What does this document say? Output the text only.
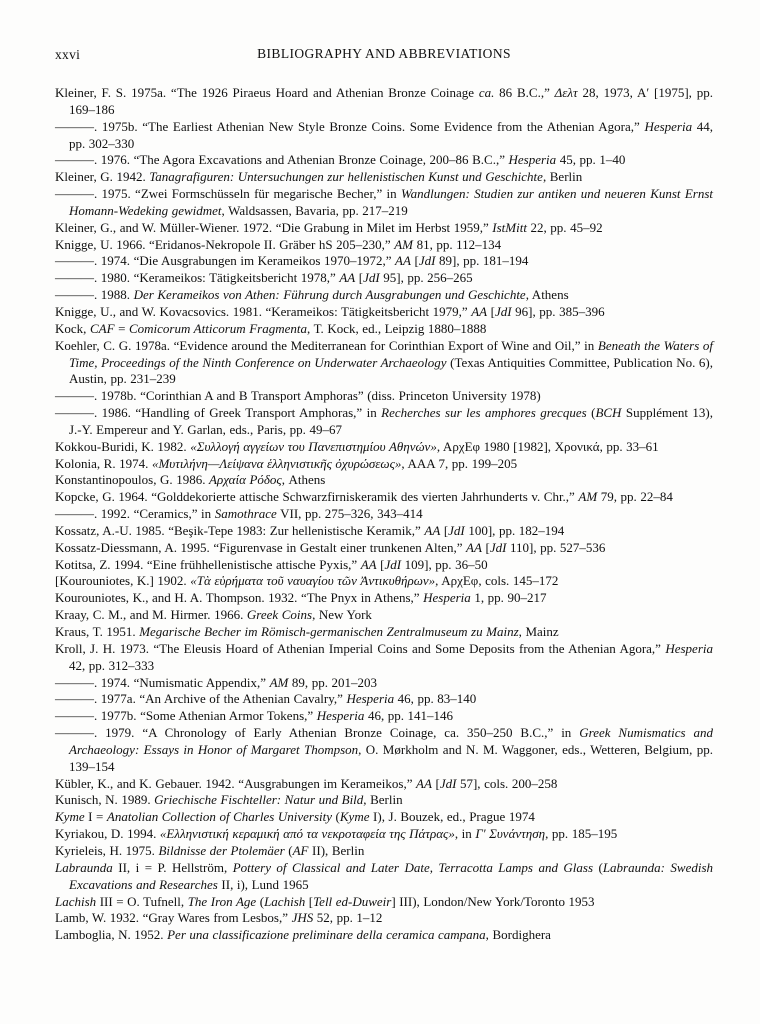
BIBLIOGRAPHY AND ABBREVIATIONS
xxvi

Kleiner, F. S. 1975a. “The 1926 Piraeus Hoard and Athenian Bronze Coinage ca. 86 B.C.,” Δελτ 28, 1973, Α′ [1975], pp. 169–186

———. 1975b. “The Earliest Athenian New Style Bronze Coins. Some Evidence from the Athenian Agora,” Hesperia 44, pp. 302–330

———. 1976. “The Agora Excavations and Athenian Bronze Coinage, 200–86 B.C.,” Hesperia 45, pp. 1–40

Kleiner, G. 1942. Tanagrafiguren: Untersuchungen zur hellenistischen Kunst und Geschichte, Berlin

———. 1975. “Zwei Formschüsseln für megarische Becher,” in Wandlungen: Studien zur antiken und neueren Kunst Ernst Homann-Wedeking gewidmet, Waldsassen, Bavaria, pp. 217–219

Kleiner, G., and W. Müller-Wiener. 1972. “Die Grabung in Milet im Herbst 1959,” IstMitt 22, pp. 45–92

Knigge, U. 1966. “Eridanos-Nekropole II. Gräber hS 205–230,” AM 81, pp. 112–134

———. 1974. “Die Ausgrabungen im Kerameikos 1970–1972,” AA [JdI 89], pp. 181–194

———. 1980. “Kerameikos: Tätigkeitsbericht 1978,” AA [JdI 95], pp. 256–265

———. 1988. Der Kerameikos von Athen: Führung durch Ausgrabungen und Geschichte, Athens

Knigge, U., and W. Kovacsovics. 1981. “Kerameikos: Tätigkeitsbericht 1979,” AA [JdI 96], pp. 385–396

Kock, CAF = Comicorum Atticorum Fragmenta, T. Kock, ed., Leipzig 1880–1888

Koehler, C. G. 1978a. “Evidence around the Mediterranean for Corinthian Export of Wine and Oil,” in Beneath the Waters of Time, Proceedings of the Ninth Conference on Underwater Archaeology (Texas Antiquities Committee, Publication No. 6), Austin, pp. 231–239

———. 1978b. “Corinthian A and B Transport Amphoras” (diss. Princeton University 1978)

———. 1986. “Handling of Greek Transport Amphoras,” in Recherches sur les amphores grecques (BCH Supplément 13), J.-Y. Empereur and Y. Garlan, eds., Paris, pp. 49–67

Kokkou-Buridi, K. 1982. «Συλλογή αγγείων του Πανεπιστημίου Αθηνών», ΑρχΕφ 1980 [1982], Χρονικά, pp. 33–61

Kolonia, R. 1974. «Μυτιλήνη—Λείψανα ἑλληνιστικῆς ὀχυρώσεως», ΑΑΑ 7, pp. 199–205

Konstantinopoulos, G. 1986. Αρχαία Ρόδος, Athens

Kopcke, G. 1964. “Golddekorierte attische Schwarzfirniskeramik des vierten Jahrhunderts v. Chr.,” AM 79, pp. 22–84

———. 1992. “Ceramics,” in Samothrace VII, pp. 275–326, 343–414

Kossatz, A.-U. 1985. “Beşik-Tepe 1983: Zur hellenistische Keramik,” AA [JdI 100], pp. 182–194

Kossatz-Diessmann, A. 1995. “Figurenvase in Gestalt einer trunkenen Alten,” AA [JdI 110], pp. 527–536

Kotitsa, Z. 1994. “Eine frühhellenistische attische Pyxis,” AA [JdI 109], pp. 36–50

[Kourouniotes, K.] 1902. «Τὰ εὑρήματα τοῦ ναυαγίου τῶν Ἀντικυθήρων», ΑρχΕφ, cols. 145–172

Kourouniotes, K., and H. A. Thompson. 1932. “The Pnyx in Athens,” Hesperia 1, pp. 90–217

Kraay, C. M., and M. Hirmer. 1966. Greek Coins, New York

Kraus, T. 1951. Megarische Becher im Römisch-germanischen Zentralmuseum zu Mainz, Mainz

Kroll, J. H. 1973. “The Eleusis Hoard of Athenian Imperial Coins and Some Deposits from the Athenian Agora,” Hesperia 42, pp. 312–333

———. 1974. “Numismatic Appendix,” AM 89, pp. 201–203

———. 1977a. “An Archive of the Athenian Cavalry,” Hesperia 46, pp. 83–140

———. 1977b. “Some Athenian Armor Tokens,” Hesperia 46, pp. 141–146

———. 1979. “A Chronology of Early Athenian Bronze Coinage, ca. 350–250 B.C.,” in Greek Numismatics and Archaeology: Essays in Honor of Margaret Thompson, O. Mørkholm and N. M. Waggoner, eds., Wetteren, Belgium, pp. 139–154

Kübler, K., and K. Gebauer. 1942. “Ausgrabungen im Kerameikos,” AA [JdI 57], cols. 200–258

Kunisch, N. 1989. Griechische Fischteller: Natur und Bild, Berlin

Kyme I = Anatolian Collection of Charles University (Kyme I), J. Bouzek, ed., Prague 1974

Kyriakou, D. 1994. «Ελληνιστική κεραμική από τα νεκροταφεία της Πάτρας», in Γ′ Συνάντηση, pp. 185–195

Kyrieleis, H. 1975. Bildnisse der Ptolemäer (AF II), Berlin

Labraunda II, i = P. Hellström, Pottery of Classical and Later Date, Terracotta Lamps and Glass (Labraunda: Swedish Excavations and Researches II, i), Lund 1965

Lachish III = O. Tufnell, The Iron Age (Lachish [Tell ed-Duweir] III), London/New York/Toronto 1953

Lamb, W. 1932. “Gray Wares from Lesbos,” JHS 52, pp. 1–12

Lamboglia, N. 1952. Per una classificazione preliminare della ceramica campana, Bordighera
